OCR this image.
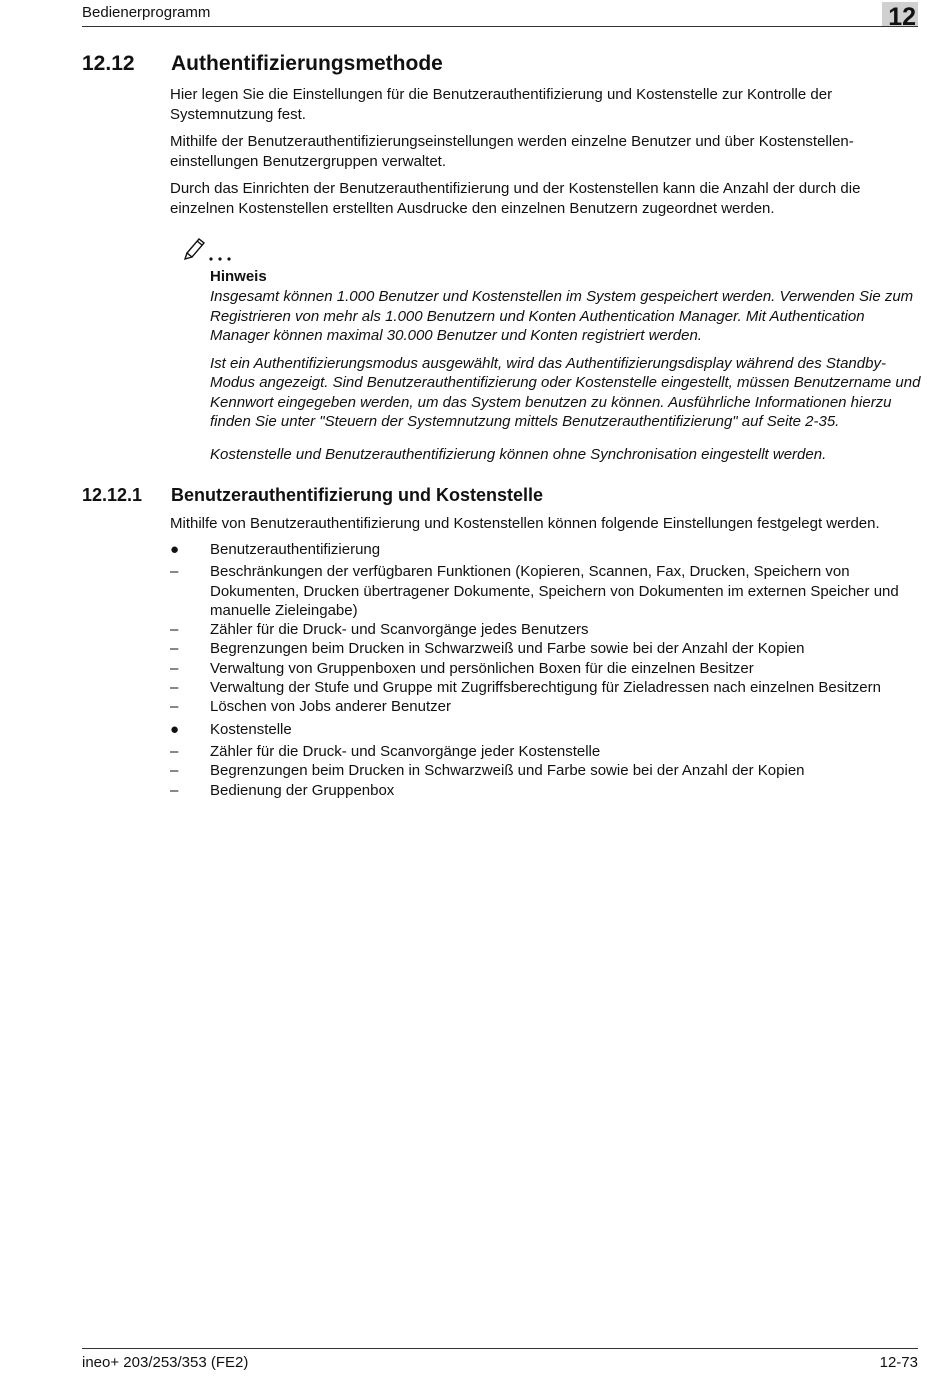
Bedienerprogramm	12
12.12 Authentifizierungsmethode

Hier legen Sie die Einstellungen für die Benutzerauthentifizierung und Kostenstelle zur Kontrolle der Systemnutzung fest.

Mithilfe der Benutzerauthentifizierungseinstellungen werden einzelne Benutzer und über Kostenstellen-einstellungen Benutzergruppen verwaltet.

Durch das Einrichten der Benutzerauthentifizierung und der Kostenstellen kann die Anzahl der durch die einzelnen Kostenstellen erstellten Ausdrucke den einzelnen Benutzern zugeordnet werden.

Hinweis

Insgesamt können 1.000 Benutzer und Kostenstellen im System gespeichert werden. Verwenden Sie zum Registrieren von mehr als 1.000 Benutzern und Konten Authentication Manager. Mit Authentication Manager können maximal 30.000 Benutzer und Konten registriert werden.

Ist ein Authentifizierungsmodus ausgewählt, wird das Authentifizierungsdisplay während des Standby-Modus angezeigt. Sind Benutzerauthentifizierung oder Kostenstelle eingestellt, müssen Benutzername und Kennwort eingegeben werden, um das System benutzen zu können. Ausführliche Informationen hierzu finden Sie unter "Steuern der Systemnutzung mittels Benutzerauthentifizierung" auf Seite 2-35.

Kostenstelle und Benutzerauthentifizierung können ohne Synchronisation eingestellt werden.

12.12.1 Benutzerauthentifizierung und Kostenstelle
Mithilfe von Benutzerauthentifizierung und Kostenstellen können folgende Einstellungen festgelegt werden.
●	Benutzerauthentifizierung
–	Beschränkungen der verfügbaren Funktionen (Kopieren, Scannen, Fax, Drucken, Speichern von Dokumenten, Drucken übertragener Dokumente, Speichern von Dokumenten im externen Speicher und manuelle Zieleingabe)
–	Zähler für die Druck- und Scanvorgänge jedes Benutzers
–	Begrenzungen beim Drucken in Schwarzweiß und Farbe sowie bei der Anzahl der Kopien
–	Verwaltung von Gruppenboxen und persönlichen Boxen für die einzelnen Besitzer
–	Verwaltung der Stufe und Gruppe mit Zugriffsberechtigung für Zieladressen nach einzelnen Besitzern
–	Löschen von Jobs anderer Benutzer
●	Kostenstelle
–	Zähler für die Druck- und Scanvorgänge jeder Kostenstelle
–	Begrenzungen beim Drucken in Schwarzweiß und Farbe sowie bei der Anzahl der Kopien
–	Bedienung der Gruppenbox
ineo+ 203/253/353 (FE2)	12-73
